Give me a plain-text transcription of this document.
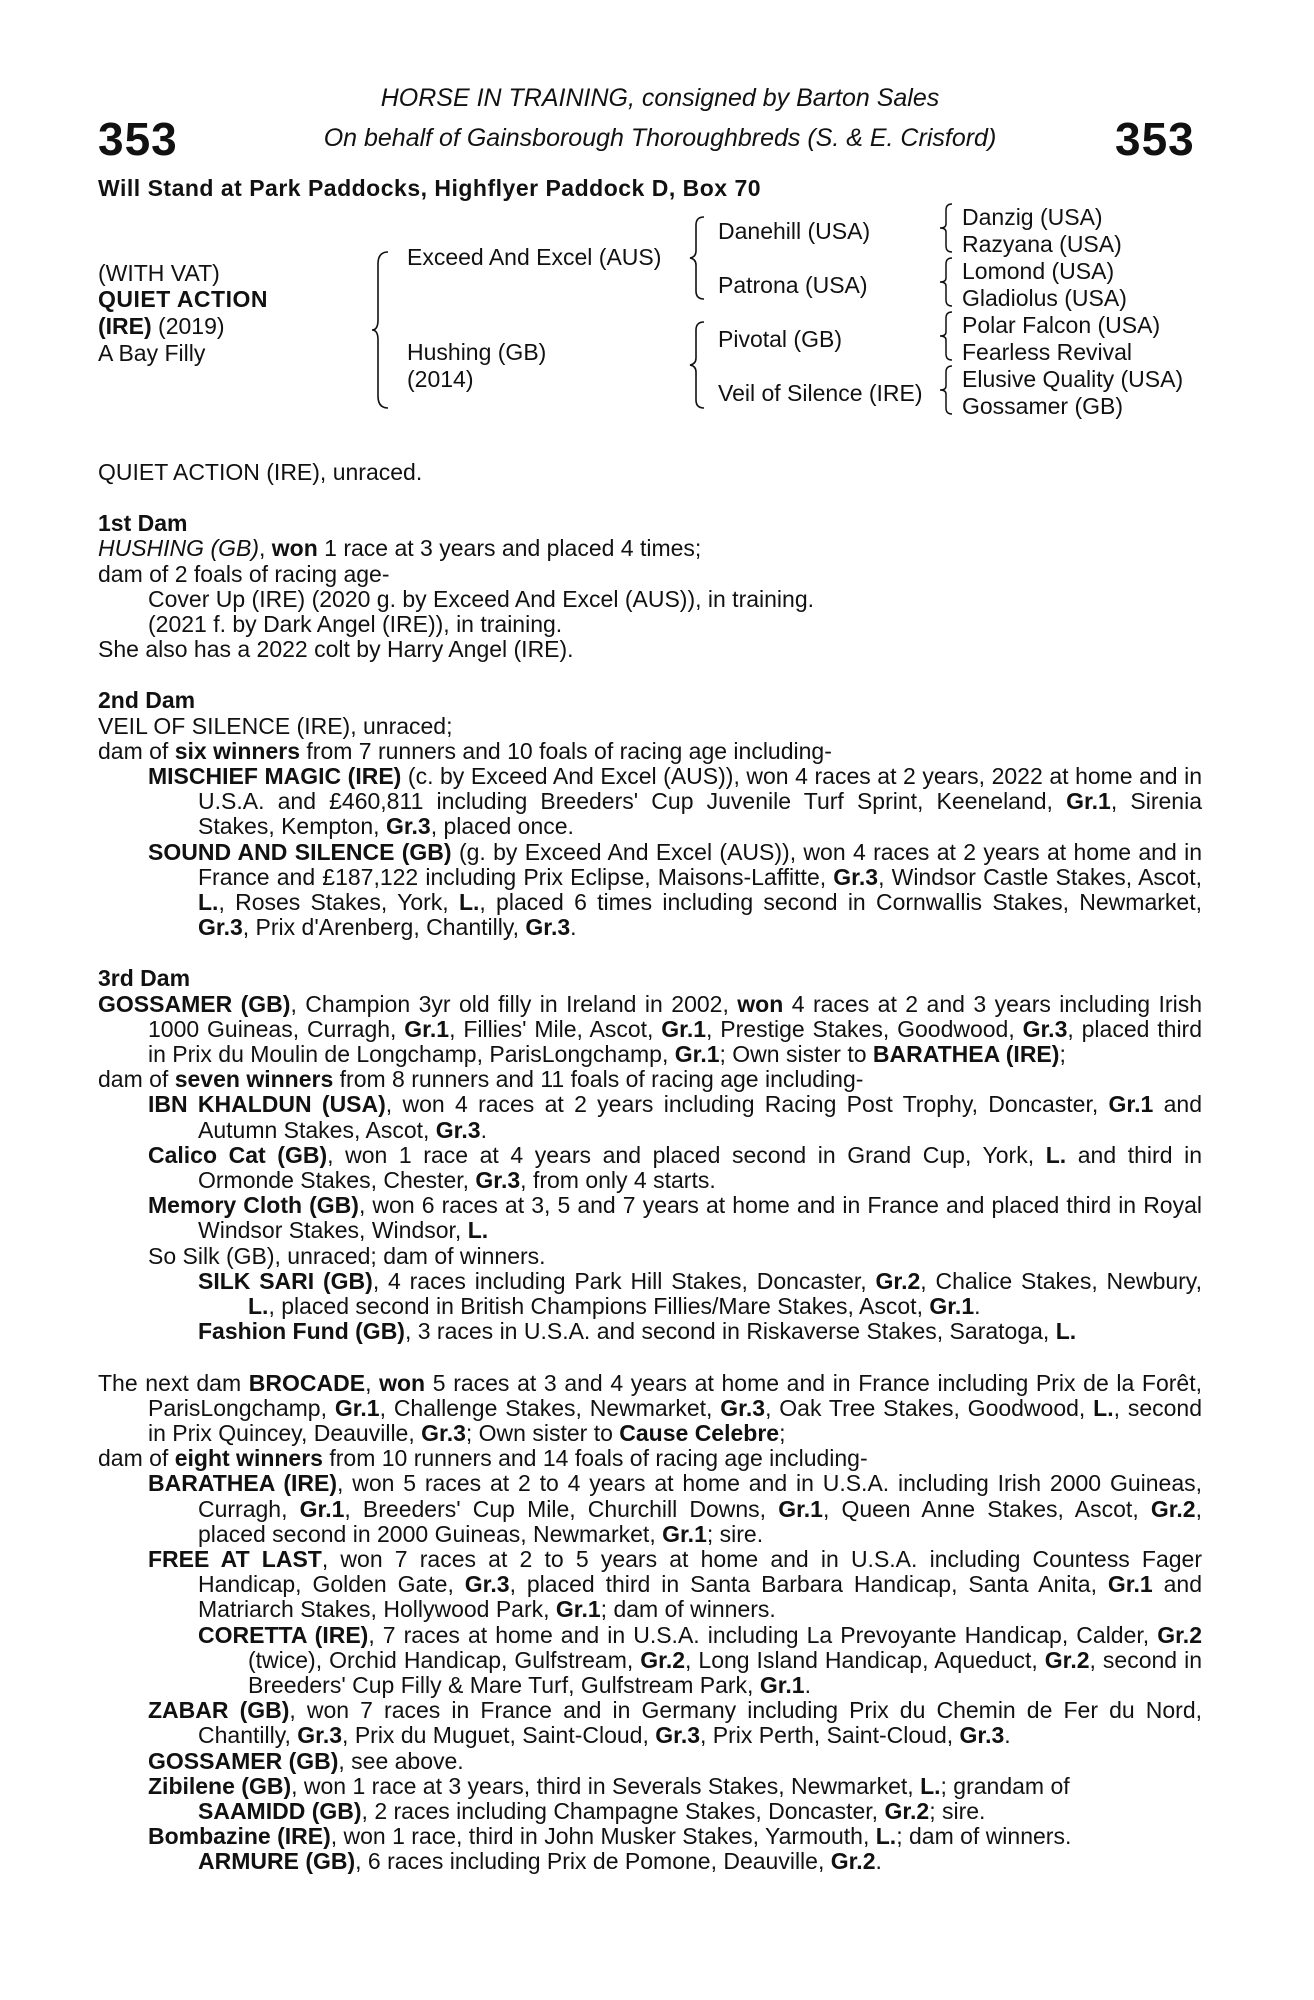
353	353
HORSE IN TRAINING, consigned by Barton Sales
On behalf of Gainsborough Thoroughbreds (S. & E. Crisford)
Will Stand at Park Paddocks, Highflyer Paddock D, Box 70
(WITH VAT)
QUIET ACTION
(IRE) (2019)
A Bay Filly
Exceed And Excel (AUS)
Hushing (GB)
(2014)
Danehill (USA)
Patrona (USA)
Pivotal (GB)
Veil of Silence (IRE)
Danzig (USA)
Razyana (USA)
Lomond (USA)
Gladiolus (USA)
Polar Falcon (USA)
Fearless Revival
Elusive Quality (USA)
Gossamer (GB)

QUIET ACTION (IRE), unraced.

1st Dam

HUSHING (GB), won 1 race at 3 years and placed 4 times;

dam of 2 foals of racing age-

Cover Up (IRE) (2020 g. by Exceed And Excel (AUS)), in training.

(2021 f. by Dark Angel (IRE)), in training.

She also has a 2022 colt by Harry Angel (IRE).

2nd Dam

VEIL OF SILENCE (IRE), unraced;

dam of six winners from 7 runners and 10 foals of racing age including-

MISCHIEF MAGIC (IRE) (c. by Exceed And Excel (AUS)), won 4 races at 2 years, 2022 at home and in U.S.A. and £460,811 including Breeders' Cup Juvenile Turf Sprint, Keeneland, Gr.1, Sirenia Stakes, Kempton, Gr.3, placed once.

SOUND AND SILENCE (GB) (g. by Exceed And Excel (AUS)), won 4 races at 2 years at home and in France and £187,122 including Prix Eclipse, Maisons-Laffitte, Gr.3, Windsor Castle Stakes, Ascot, L., Roses Stakes, York, L., placed 6 times including second in Cornwallis Stakes, Newmarket, Gr.3, Prix d'Arenberg, Chantilly, Gr.3.

3rd Dam

GOSSAMER (GB), Champion 3yr old filly in Ireland in 2002, won 4 races at 2 and 3 years including Irish 1000 Guineas, Curragh, Gr.1, Fillies' Mile, Ascot, Gr.1, Prestige Stakes, Goodwood, Gr.3, placed third in Prix du Moulin de Longchamp, ParisLongchamp, Gr.1; Own sister to BARATHEA (IRE);

dam of seven winners from 8 runners and 11 foals of racing age including-

IBN KHALDUN (USA), won 4 races at 2 years including Racing Post Trophy, Doncaster, Gr.1 and Autumn Stakes, Ascot, Gr.3.

Calico Cat (GB), won 1 race at 4 years and placed second in Grand Cup, York, L. and third in Ormonde Stakes, Chester, Gr.3, from only 4 starts.

Memory Cloth (GB), won 6 races at 3, 5 and 7 years at home and in France and placed third in Royal Windsor Stakes, Windsor, L.

So Silk (GB), unraced; dam of winners.

SILK SARI (GB), 4 races including Park Hill Stakes, Doncaster, Gr.2, Chalice Stakes, Newbury, L., placed second in British Champions Fillies/Mare Stakes, Ascot, Gr.1.

Fashion Fund (GB), 3 races in U.S.A. and second in Riskaverse Stakes, Saratoga, L.

The next dam BROCADE, won 5 races at 3 and 4 years at home and in France including Prix de la Forêt, ParisLongchamp, Gr.1, Challenge Stakes, Newmarket, Gr.3, Oak Tree Stakes, Goodwood, L., second in Prix Quincey, Deauville, Gr.3; Own sister to Cause Celebre;

dam of eight winners from 10 runners and 14 foals of racing age including-

BARATHEA (IRE), won 5 races at 2 to 4 years at home and in U.S.A. including Irish 2000 Guineas, Curragh, Gr.1, Breeders' Cup Mile, Churchill Downs, Gr.1, Queen Anne Stakes, Ascot, Gr.2, placed second in 2000 Guineas, Newmarket, Gr.1; sire.

FREE AT LAST, won 7 races at 2 to 5 years at home and in U.S.A. including Countess Fager Handicap, Golden Gate, Gr.3, placed third in Santa Barbara Handicap, Santa Anita, Gr.1 and Matriarch Stakes, Hollywood Park, Gr.1; dam of winners.

CORETTA (IRE), 7 races at home and in U.S.A. including La Prevoyante Handicap, Calder, Gr.2 (twice), Orchid Handicap, Gulfstream, Gr.2, Long Island Handicap, Aqueduct, Gr.2, second in Breeders' Cup Filly & Mare Turf, Gulfstream Park, Gr.1.

ZABAR (GB), won 7 races in France and in Germany including Prix du Chemin de Fer du Nord, Chantilly, Gr.3, Prix du Muguet, Saint-Cloud, Gr.3, Prix Perth, Saint-Cloud, Gr.3.

GOSSAMER (GB), see above.

Zibilene (GB), won 1 race at 3 years, third in Severals Stakes, Newmarket, L.; grandam of

SAAMIDD (GB), 2 races including Champagne Stakes, Doncaster, Gr.2; sire.

Bombazine (IRE), won 1 race, third in John Musker Stakes, Yarmouth, L.; dam of winners.

ARMURE (GB), 6 races including Prix de Pomone, Deauville, Gr.2.
